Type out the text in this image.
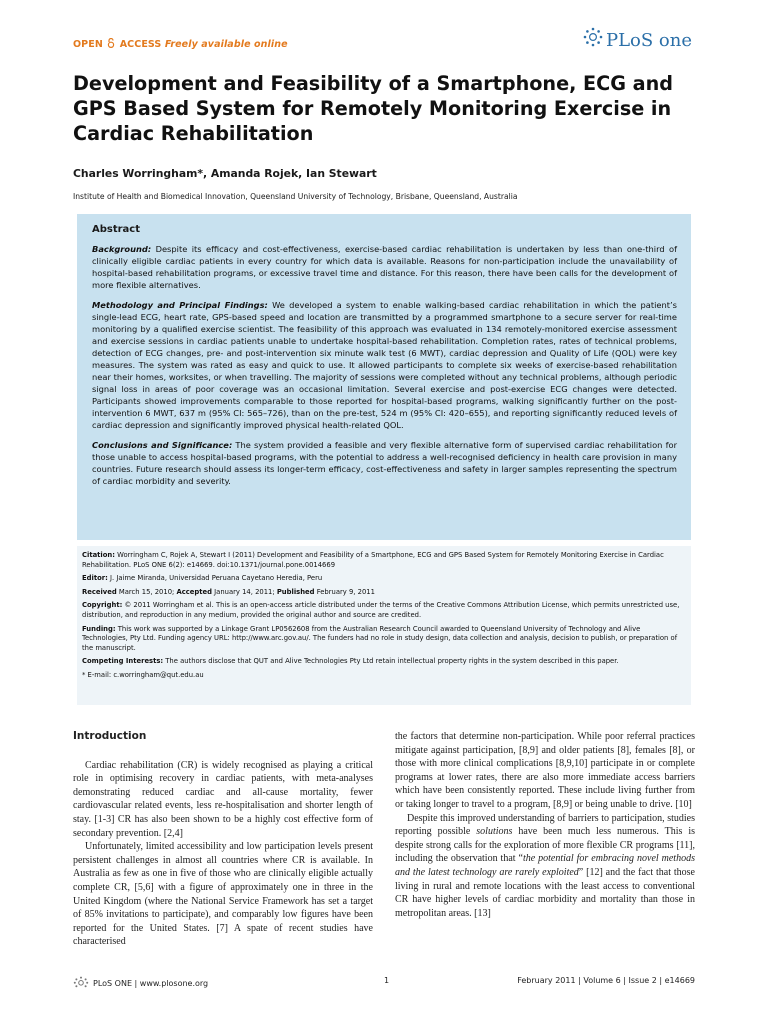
OPEN ACCESS Freely available online	PLoS one
Development and Feasibility of a Smartphone, ECG and GPS Based System for Remotely Monitoring Exercise in Cardiac Rehabilitation
Charles Worringham*, Amanda Rojek, Ian Stewart
Institute of Health and Biomedical Innovation, Queensland University of Technology, Brisbane, Queensland, Australia
Abstract

Background: Despite its efficacy and cost-effectiveness, exercise-based cardiac rehabilitation is undertaken by less than one-third of clinically eligible cardiac patients in every country for which data is available. Reasons for non-participation include the unavailability of hospital-based rehabilitation programs, or excessive travel time and distance. For this reason, there have been calls for the development of more flexible alternatives.

Methodology and Principal Findings: We developed a system to enable walking-based cardiac rehabilitation in which the patient’s single-lead ECG, heart rate, GPS-based speed and location are transmitted by a programmed smartphone to a secure server for real-time monitoring by a qualified exercise scientist. The feasibility of this approach was evaluated in 134 remotely-monitored exercise assessment and exercise sessions in cardiac patients unable to undertake hospital-based rehabilitation. Completion rates, rates of technical problems, detection of ECG changes, pre- and post-intervention six minute walk test (6 MWT), cardiac depression and Quality of Life (QOL) were key measures. The system was rated as easy and quick to use. It allowed participants to complete six weeks of exercise-based rehabilitation near their homes, worksites, or when travelling. The majority of sessions were completed without any technical problems, although periodic signal loss in areas of poor coverage was an occasional limitation. Several exercise and post-exercise ECG changes were detected. Participants showed improvements comparable to those reported for hospital-based programs, walking significantly further on the post-intervention 6 MWT, 637 m (95% CI: 565–726), than on the pre-test, 524 m (95% CI: 420–655), and reporting significantly reduced levels of cardiac depression and significantly improved physical health-related QOL.

Conclusions and Significance: The system provided a feasible and very flexible alternative form of supervised cardiac rehabilitation for those unable to access hospital-based programs, with the potential to address a well-recognised deficiency in health care provision in many countries. Future research should assess its longer-term efficacy, cost-effectiveness and safety in larger samples representing the spectrum of cardiac morbidity and severity.

Citation: Worringham C, Rojek A, Stewart I (2011) Development and Feasibility of a Smartphone, ECG and GPS Based System for Remotely Monitoring Exercise in Cardiac Rehabilitation. PLoS ONE 6(2): e14669. doi:10.1371/journal.pone.0014669

Editor: J. Jaime Miranda, Universidad Peruana Cayetano Heredia, Peru

Received March 15, 2010; Accepted January 14, 2011; Published February 9, 2011

Copyright: © 2011 Worringham et al. This is an open-access article distributed under the terms of the Creative Commons Attribution License, which permits unrestricted use, distribution, and reproduction in any medium, provided the original author and source are credited.

Funding: This work was supported by a Linkage Grant LP0562608 from the Australian Research Council awarded to Queensland University of Technology and Alive Technologies, Pty Ltd. Funding agency URL: http://www.arc.gov.au/. The funders had no role in study design, data collection and analysis, decision to publish, or preparation of the manuscript.

Competing Interests: The authors disclose that QUT and Alive Technologies Pty Ltd retain intellectual property rights in the system described in this paper.

* E-mail: c.worringham@qut.edu.au

Introduction

Cardiac rehabilitation (CR) is widely recognised as playing a critical role in optimising recovery in cardiac patients, with meta-analyses demonstrating reduced cardiac and all-cause mortality, fewer cardiovascular related events, less re-hospitalisation and shorter length of stay. [1-3] CR has also been shown to be a highly cost effective form of secondary prevention. [2,4]

Unfortunately, limited accessibility and low participation levels present persistent challenges in almost all countries where CR is available. In Australia as few as one in five of those who are clinically eligible actually complete CR, [5,6] with a figure of approximately one in three in the United Kingdom (where the National Service Framework has set a target of 85% invitations to participate), and comparably low figures have been reported for the United States. [7] A spate of recent studies have characterised

the factors that determine non-participation. While poor referral practices mitigate against participation, [8,9] and older patients [8], females [8], or those with more clinical complications [8,9,10] participate in or complete programs at lower rates, there are also more immediate access barriers which have been consistently reported. These include living further from or taking longer to travel to a program, [8,9] or being unable to drive. [10]

Despite this improved understanding of barriers to participation, studies reporting possible solutions have been much less numerous. This is despite strong calls for the exploration of more flexible CR programs [11], including the observation that “the potential for embracing novel methods and the latest technology are rarely exploited” [12] and the fact that those living in rural and remote locations with the least access to conventional CR have higher levels of cardiac morbidity and mortality than those in metropolitan areas. [13]

PLoS ONE | www.plosone.org	1	February 2011 | Volume 6 | Issue 2 | e14669
